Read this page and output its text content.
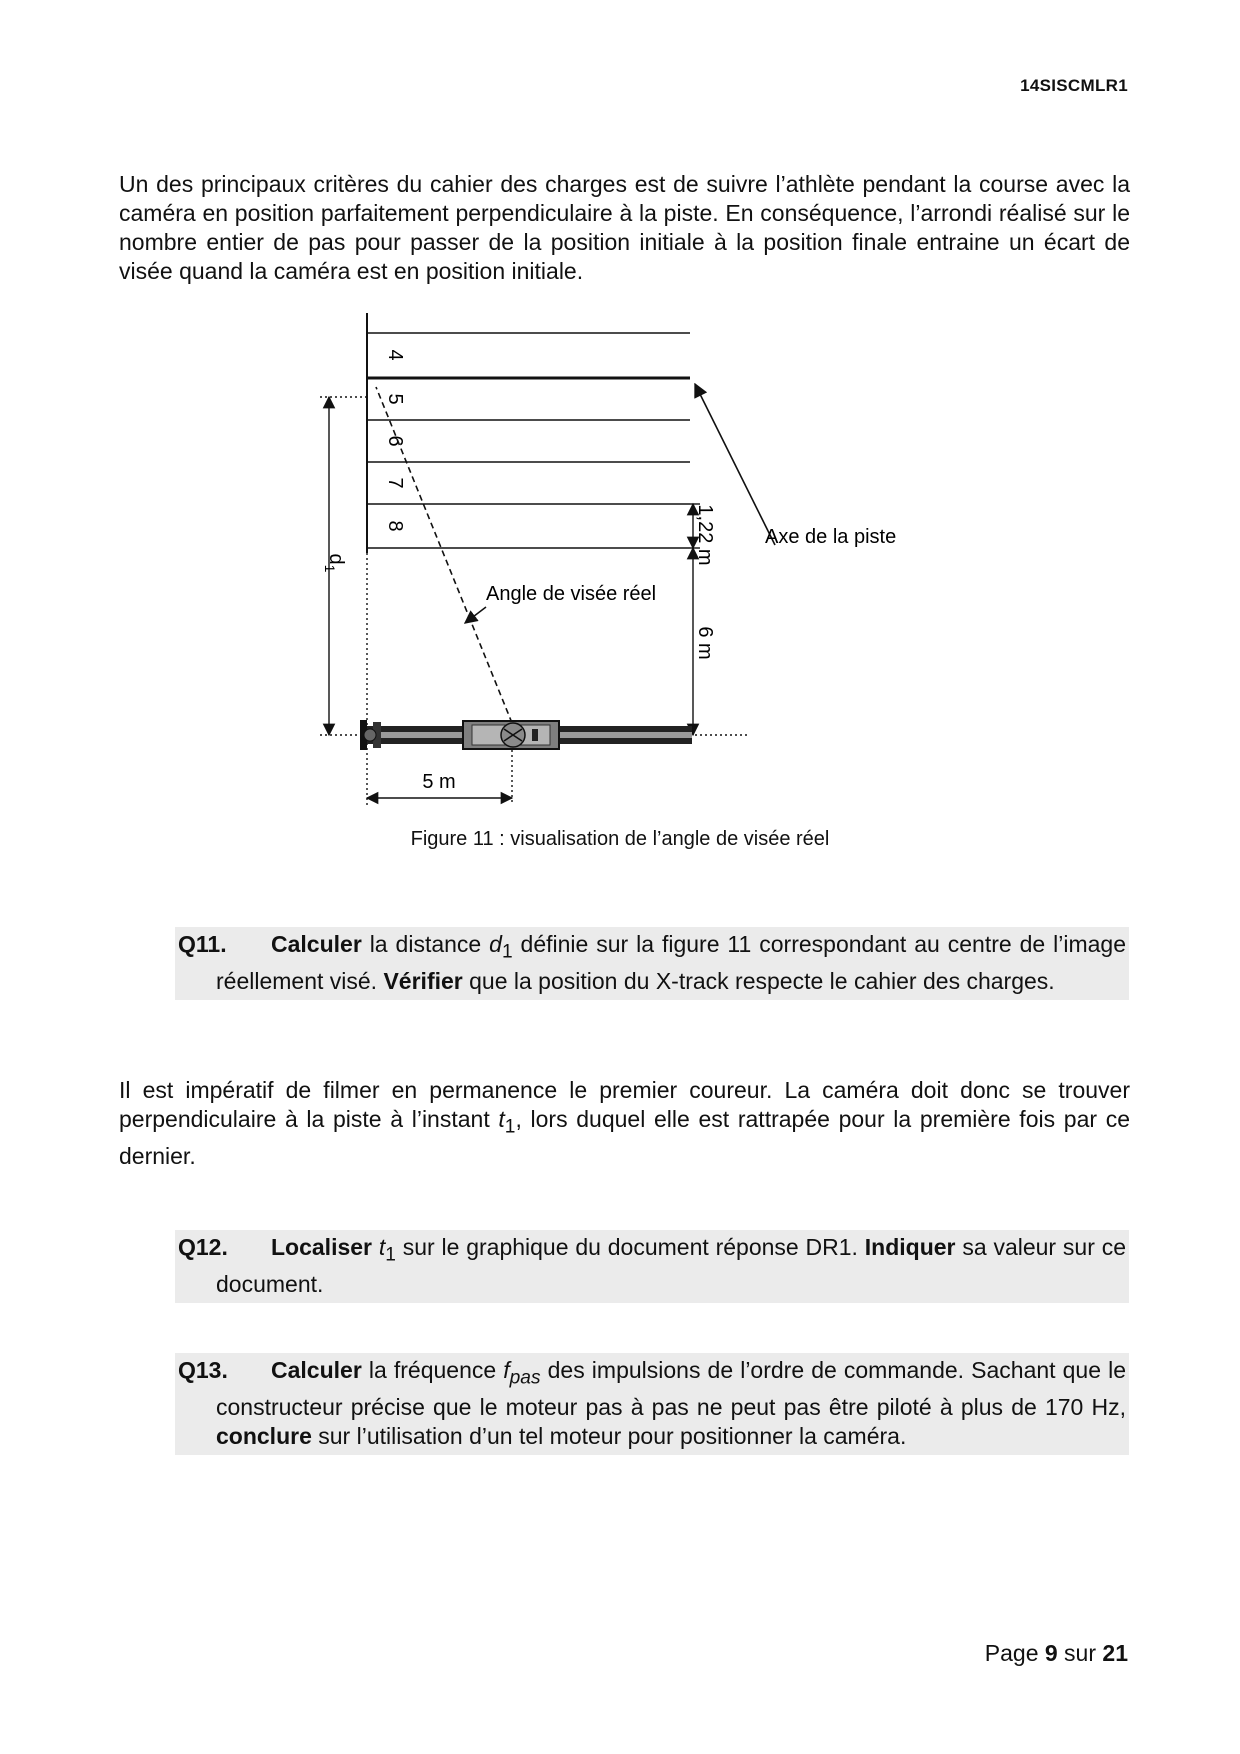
14SISCMLR1

Un des principaux critères du cahier des charges est de suivre l’athlète pendant la course avec la caméra en position parfaitement perpendiculaire à la piste. En conséquence, l’arrondi réalisé sur le nombre entier de pas pour passer de la position initiale à la position finale entraine un écart de visée quand la caméra est en position initiale.

4
5
6
7
8
$d_1$
1,22 m
6 m
5 m
Axe de la piste
Angle de visée réel
Figure 11 : visualisation de l’angle de visée réel

Q11. Calculer la distance $d_1$ définie sur la figure 11 correspondant au centre de l’image réellement visé. Vérifier que la position du X-track respecte le cahier des charges.

Il est impératif de filmer en permanence le premier coureur. La caméra doit donc se trouver perpendiculaire à la piste à l’instant $t_1$, lors duquel elle est rattrapée pour la première fois par ce dernier.

Q12. Localiser $t_1$ sur le graphique du document réponse DR1. Indiquer sa valeur sur ce document.

Q13. Calculer la fréquence $f_{pas}$ des impulsions de l’ordre de commande. Sachant que le constructeur précise que le moteur pas à pas ne peut pas être piloté à plus de 170 Hz, conclure sur l’utilisation d’un tel moteur pour positionner la caméra.

Page 9 sur 21
